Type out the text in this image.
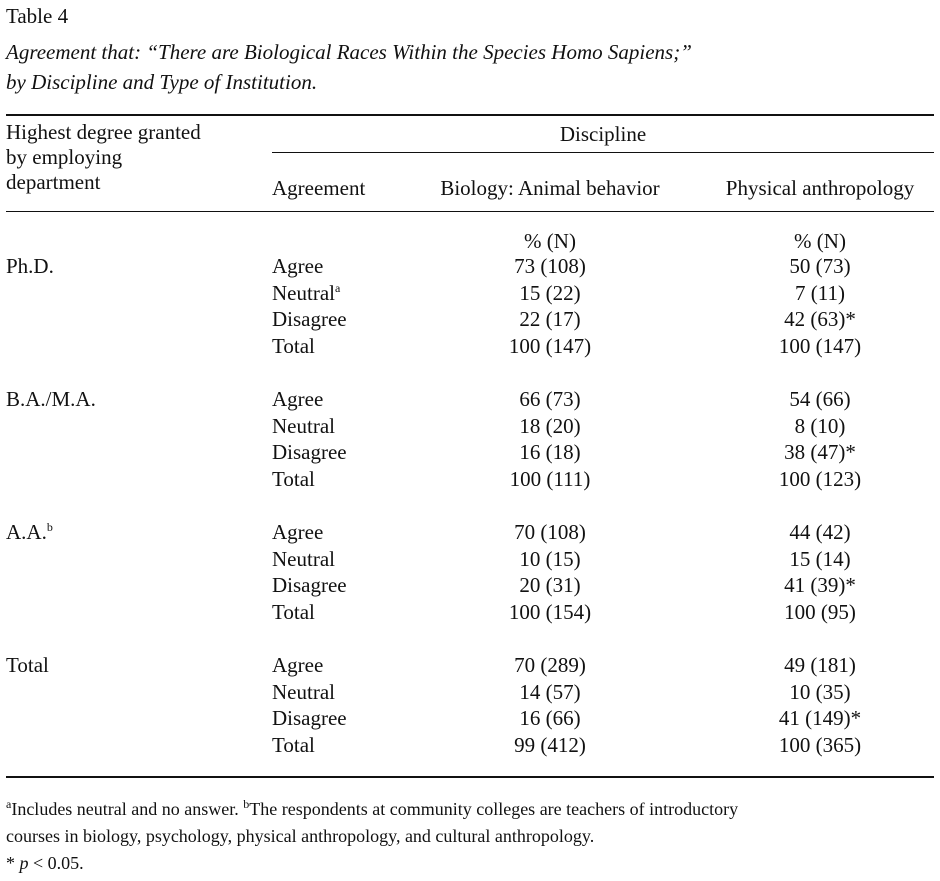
Table 4
Agreement that: “There are Biological Races Within the Species Homo Sapiens;”
by Discipline and Type of Institution.
Highest degree granted
by employing
department
Discipline
Agreement	Biology: Animal behavior	Physical anthropology
% (N)	% (N)
Ph.D.	Agree	73 (108)	50 (73)
Neutral$^a$	15 (22)	7 (11)
Disagree	22 (17)	42 (63)*
Total	100 (147)	100 (147)
B.A./M.A.	Agree	66 (73)	54 (66)
Neutral	18 (20)	8 (10)
Disagree	16 (18)	38 (47)*
Total	100 (111)	100 (123)
A.A.$^b$	Agree	70 (108)	44 (42)
Neutral	10 (15)	15 (14)
Disagree	20 (31)	41 (39)*
Total	100 (154)	100 (95)
Total	Agree	70 (289)	49 (181)
Neutral	14 (57)	10 (35)
Disagree	16 (66)	41 (149)*
Total	99 (412)	100 (365)
$^a$Includes neutral and no answer. $^b$The respondents at community colleges are teachers of introductory
courses in biology, psychology, physical anthropology, and cultural anthropology.
* p < 0.05.
